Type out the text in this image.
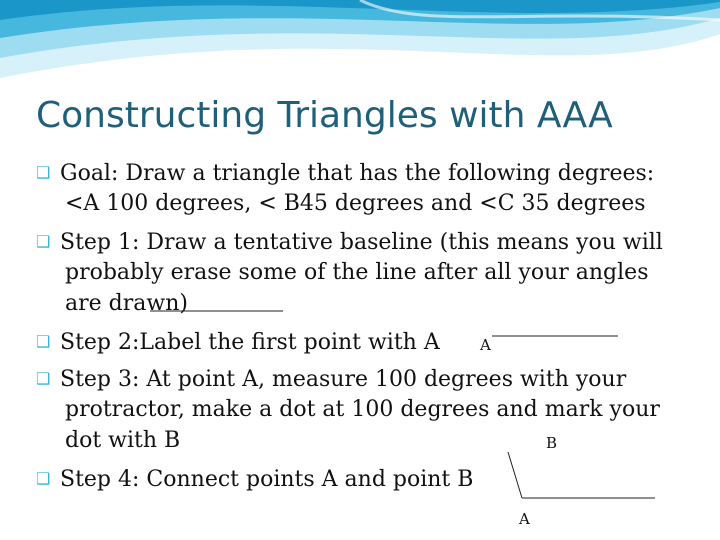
Constructing Triangles with AAA
❑ Goal: Draw a triangle that has the following degrees:
<A 100 degrees, < B45 degrees and <C 35 degrees
❑ Step 1: Draw a tentative baseline (this means you will
probably erase some of the line after all your angles
are drawn)
❑ Step 2:Label the first point with A
❑ Step 3: At point A, measure 100 degrees with your
protractor, make a dot at 100 degrees and mark your
dot with B
❑ Step 4: Connect points A and point B
A
B
A
